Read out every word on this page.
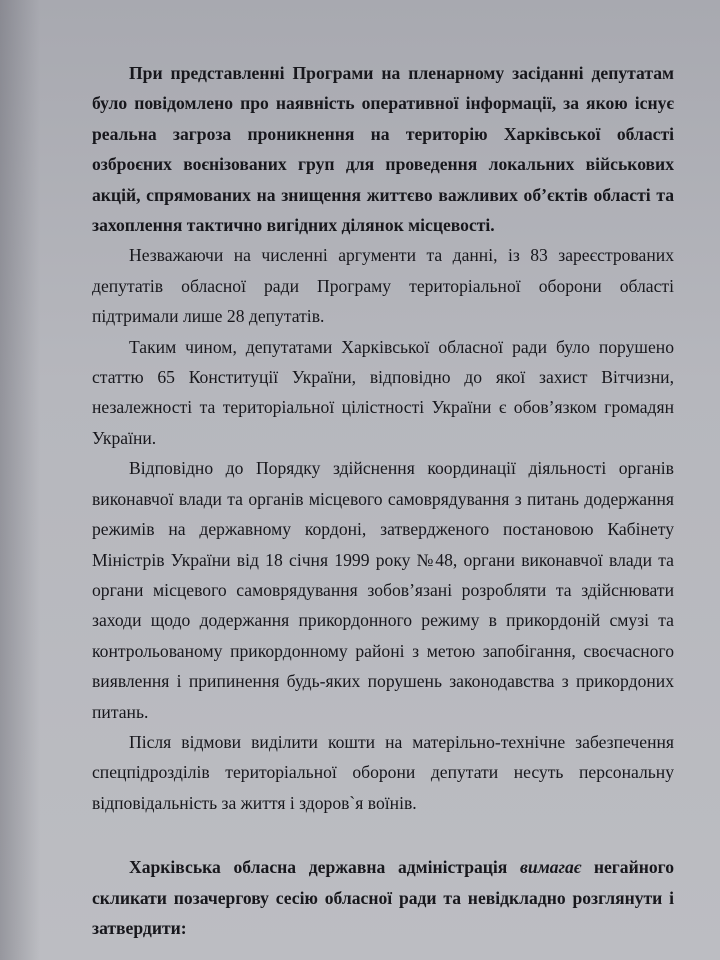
При представленні Програми на пленарному засіданні депутатам було повідомлено про наявність оперативної інформації, за якою існує реальна загроза проникнення на територію Харківської області озброєних воєнізованих груп для проведення локальних військових акцій, спрямованих на знищення життєво важливих об’єктів області та захоплення тактично вигідних ділянок місцевості.

Незважаючи на численні аргументи та данні, із 83 зареєстрованих депутатів обласної ради Програму територіальної оборони області підтримали лише 28 депутатів.

Таким чином, депутатами Харківської обласної ради було порушено статтю 65 Конституції України, відповідно до якої захист Вітчизни, незалежності та територіальної цілістності України є обов’язком громадян України.

Відповідно до Порядку здійснення координації діяльності органів виконавчої влади та органів місцевого самоврядування з питань додержання режимів на державному кордоні, затвердженого постановою Кабінету Міністрів України від 18 січня 1999 року №48, органи виконавчої влади та органи місцевого самоврядування зобов’язані розробляти та здійснювати заходи щодо додержання прикордонного режиму в прикордоній смузі та контрольованому прикордонному районі з метою запобігання, своєчасного виявлення і припинення будь-яких порушень законодавства з прикордоних питань.

Після відмови виділити кошти на матерільно-технічне забезпечення спецпідрозділів територіальної оборони депутати несуть персональну відповідальність за життя і здоров`я воїнів.

Харківська обласна державна адміністрація вимагає негайного скликати позачергову сесію обласної ради та невідкладно розглянути і затвердити:
